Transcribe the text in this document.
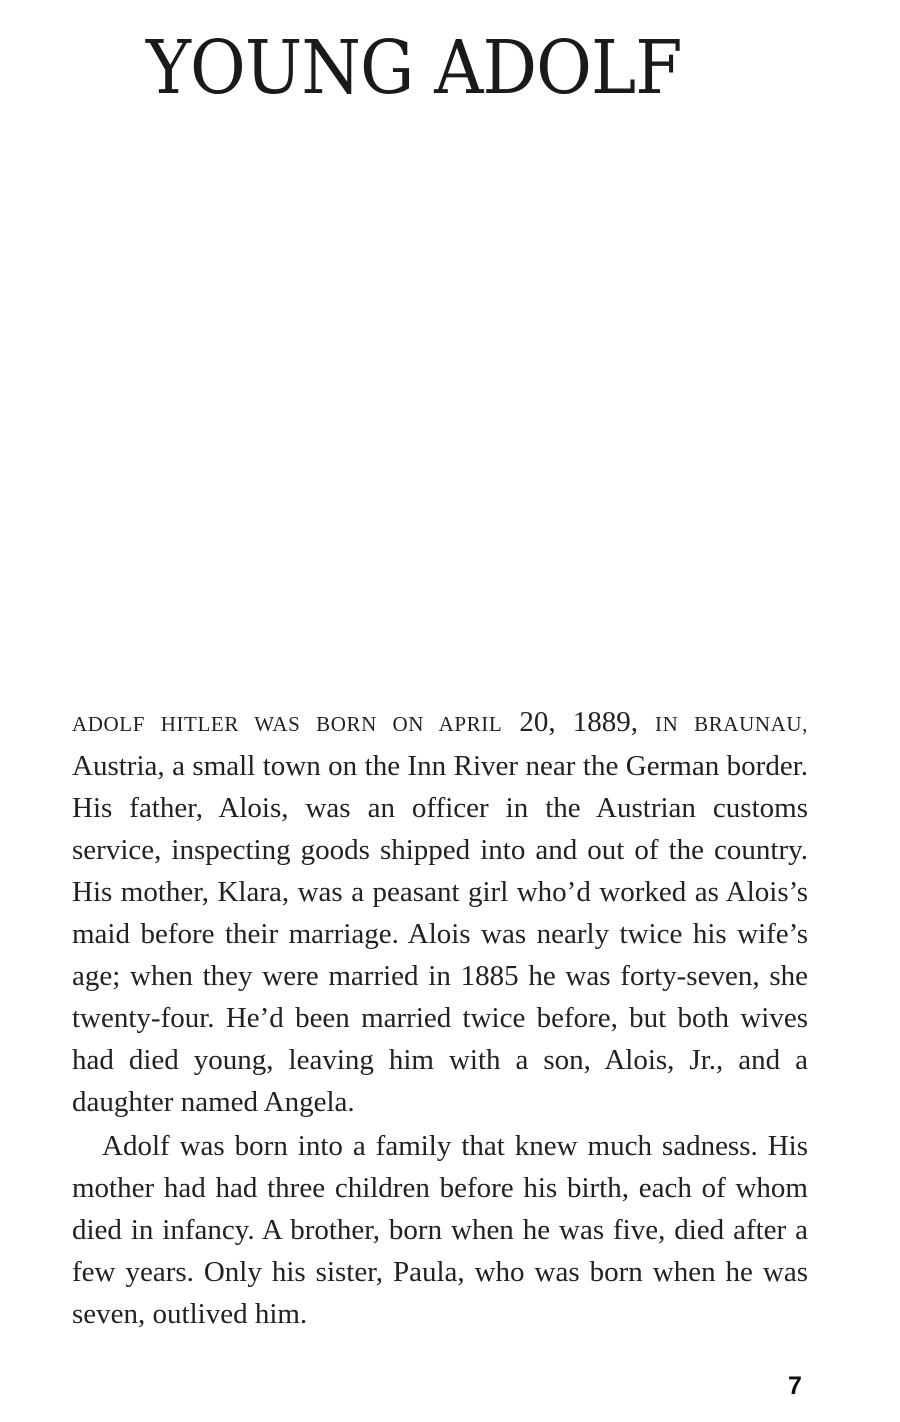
YOUNG ADOLF

ADOLF HITLER WAS BORN ON APRIL 20, 1889, IN BRAUNAU, Austria, a small town on the Inn River near the German border. His father, Alois, was an officer in the Austrian customs service, inspecting goods shipped into and out of the country. His mother, Klara, was a peasant girl who’d worked as Alois’s maid before their marriage. Alois was nearly twice his wife’s age; when they were married in 1885 he was forty-seven, she twenty-four. He’d been married twice before, but both wives had died young, leaving him with a son, Alois, Jr., and a daughter named Angela.

Adolf was born into a family that knew much sadness. His mother had had three children before his birth, each of whom died in infancy. A brother, born when he was five, died after a few years. Only his sister, Paula, who was born when he was seven, outlived him.

7
